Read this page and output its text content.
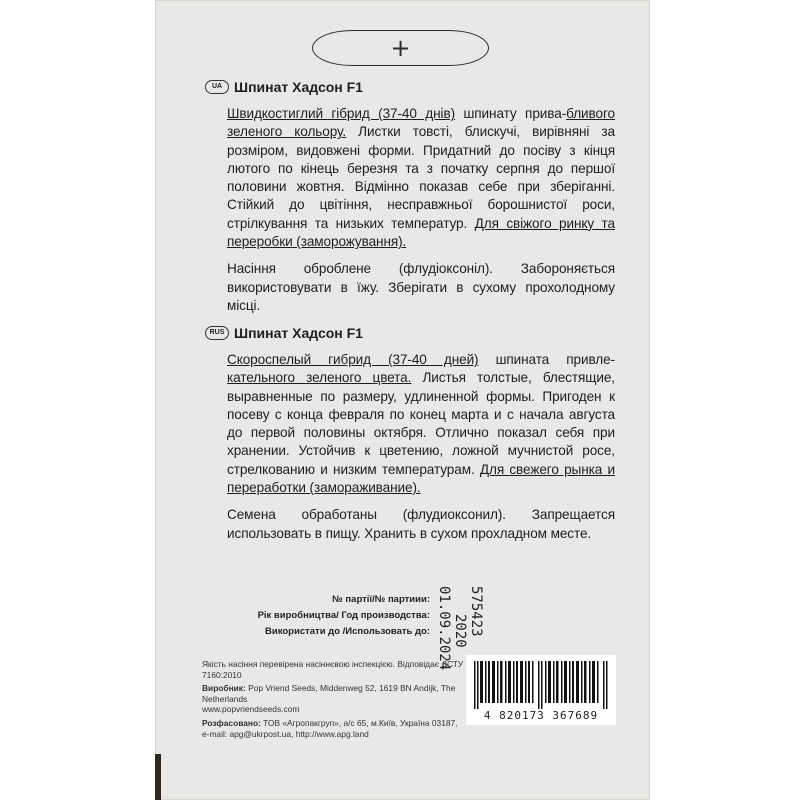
+
UA Шпинат Хадсон F1
Швидкостиглий гібрид (37-40 днів) шпинату прива-бливого зеленого кольору. Листки товсті, блискучі, вирівняні за розміром, видовжені форми. Придатний до посіву з кінця лютого по кінець березня та з початку серпня до першої половини жовтня. Відмінно показав себе при зберіганні. Стійкий до цвітіння, несправжньої борошнистої роси, стрілкування та низьких температур. Для свіжого ринку та переробки (заморожування).
Насіння оброблене (флудіоксоніл). Забороняється використовувати в їжу. Зберігати в сухому прохолодному місці.
RUS Шпинат Хадсон F1
Скороспелый гибрид (37-40 дней) шпината привле-кательного зеленого цвета. Листья толстые, блестящие, выравненные по размеру, удлиненной формы. Пригоден к посеву с конца февраля по конец марта и с начала августа до первой половины октября. Отлично показал себя при хранении. Устойчив к цветению, ложной мучнистой росе, стрелкованию и низким температурам. Для свежего рынка и переработки (замораживание).
Семена обработаны (флудиоксонил). Запрещается использовать в пищу. Хранить в сухом прохладном месте.
№ партії/№ партиии:
Рік виробництва/ Год производства:
Використати до /Использовать до:	575423
2020
01.09.2024
4 820173 367689
Якість насіння перевірена насіннєвою інспекцією. Відповідає ДСТУ 7160:2010
Виробник: Pop Vriend Seeds, Middenweg 52, 1619 BN Andijk, The Netherlands
www.popvriendseeds.com
Розфасовано: ТОВ «Агропакгруп», а/с 65, м.Київ, Україна 03187,
e-mail: apg@ukrpost.ua, http://www.apg.land
